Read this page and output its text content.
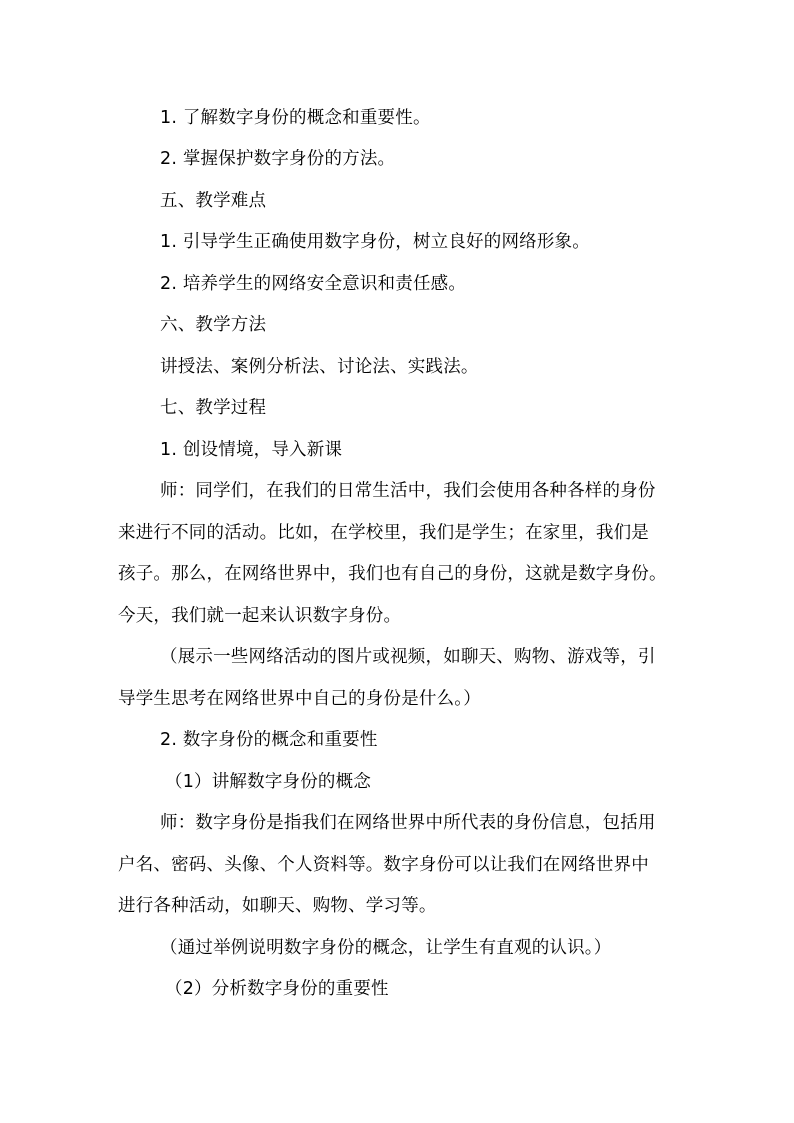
1. 了解数字身份的概念和重要性。
2. 掌握保护数字身份的方法。
五、教学难点
1. 引导学生正确使用数字身份，树立良好的网络形象。
2. 培养学生的网络安全意识和责任感。
六、教学方法
讲授法、案例分析法、讨论法、实践法。
七、教学过程
1. 创设情境，导入新课
师：同学们，在我们的日常生活中，我们会使用各种各样的身份
来进行不同的活动。比如，在学校里，我们是学生；在家里，我们是
孩子。那么，在网络世界中，我们也有自己的身份，这就是数字身份。
今天，我们就一起来认识数字身份。
（展示一些网络活动的图片或视频，如聊天、购物、游戏等，引
导学生思考在网络世界中自己的身份是什么。）
2. 数字身份的概念和重要性
（1）讲解数字身份的概念
师：数字身份是指我们在网络世界中所代表的身份信息，包括用
户名、密码、头像、个人资料等。数字身份可以让我们在网络世界中
进行各种活动，如聊天、购物、学习等。
（通过举例说明数字身份的概念，让学生有直观的认识。）
（2）分析数字身份的重要性
